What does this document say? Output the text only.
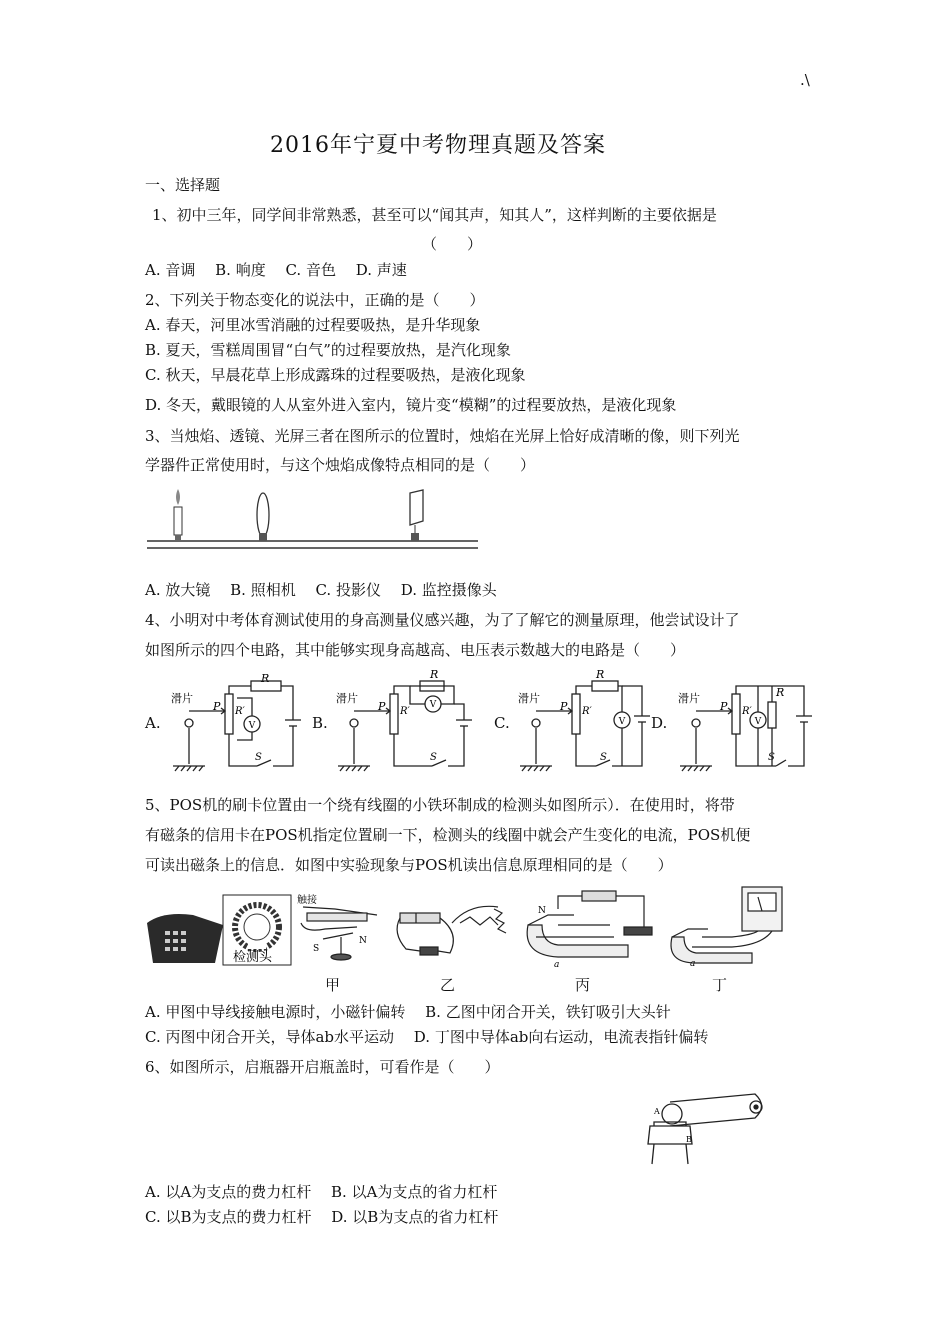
.\
2016年宁夏中考物理真题及答案
一、选择题
1、初中三年，同学间非常熟悉，甚至可以“闻其声，知其人”，这样判断的主要依据是
（　　）
A. 音调　 B. 响度　 C. 音色　 D. 声速
2、下列关于物态变化的说法中，正确的是（　　）
A. 春天，河里冰雪消融的过程要吸热，是升华现象
B. 夏天，雪糕周围冒“白气”的过程要放热，是汽化现象
C. 秋天，早晨花草上形成露珠的过程要吸热，是液化现象
D. 冬天，戴眼镜的人从室外进入室内，镜片变“模糊”的过程要放热，是液化现象
3、当烛焰、透镜、光屏三者在图所示的位置时，烛焰在光屏上恰好成清晰的像，则下列光
学器件正常使用时，与这个烛焰成像特点相同的是（　　）
A. 放大镜　 B. 照相机　 C. 投影仪　 D. 监控摄像头
4、小明对中考体育测试使用的身高测量仪感兴趣，为了了解它的测量原理，他尝试设计了
如图所示的四个电路，其中能够实现身高越高、电压表示数越大的电路是（　　）
A.	B.	C.	D.
滑片
P
R
R′
S
V
滑片
P
R
R′
S
V	滑片
P
R
R′
S
V
滑片
P
R
R′
S
V
5、POS机的刷卡位置由一个绕有线圈的小铁环制成的检测头如图所示）．在使用时，将带
有磁条的信用卡在POS机指定位置刷一下，检测头的线圈中就会产生变化的电流，POS机便
可读出磁条上的信息．如图中实验现象与POS机读出信息原理相同的是（　　）
检测头
触接
N
S
N
a	a
甲	乙	丙	丁
A. 甲图中导线接触电源时，小磁针偏转　 B. 乙图中闭合开关，铁钉吸引大头针
C. 丙图中闭合开关，导体ab水平运动　 D. 丁图中导体ab向右运动，电流表指针偏转
6、如图所示，启瓶器开启瓶盖时，可看作是（　　）
A
B
A. 以A为支点的费力杠杆　 B. 以A为支点的省力杠杆
C. 以B为支点的费力杠杆　 D. 以B为支点的省力杠杆
